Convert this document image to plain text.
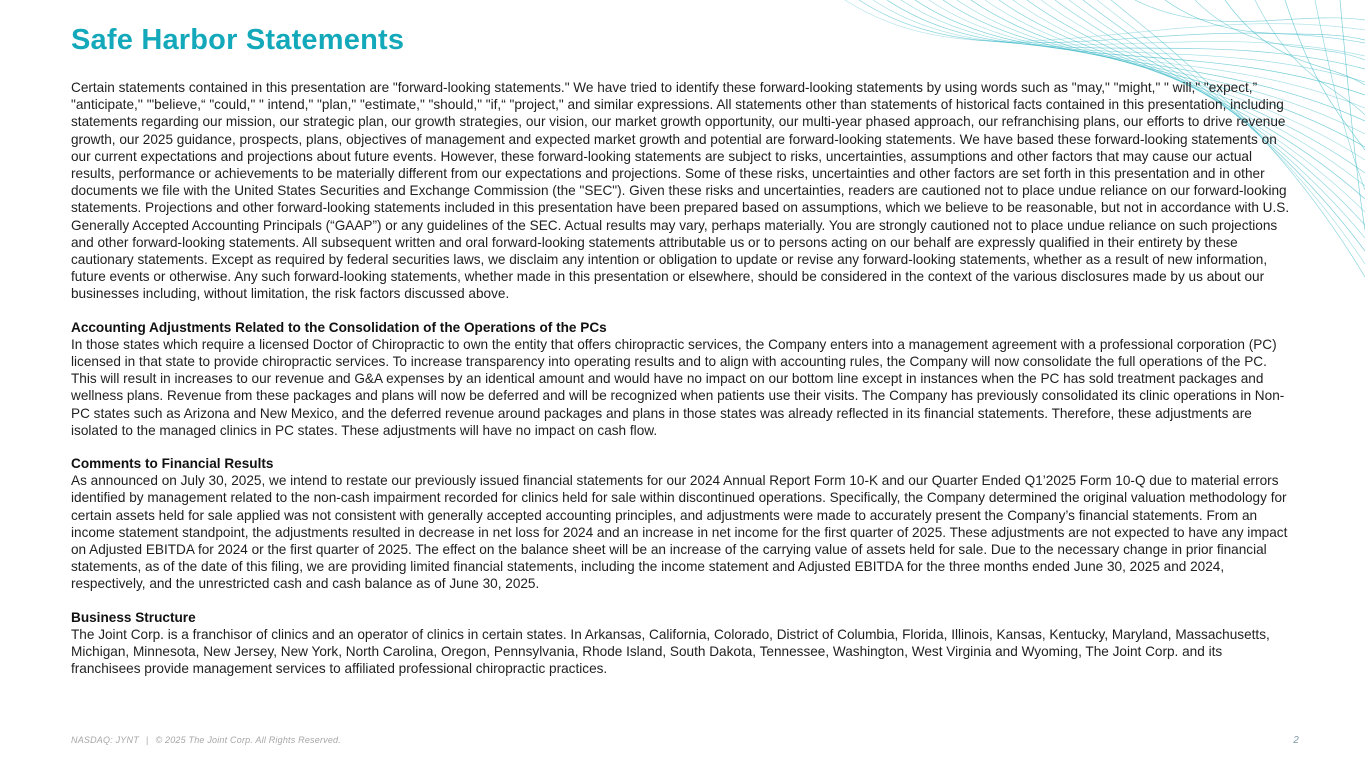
Safe Harbor Statements

Certain statements contained in this presentation are "forward-looking statements." We have tried to identify these forward-looking statements by using words such as "may," "might," " will," "expect,” "anticipate,'' "'believe,“ "could," " intend," "plan," "estimate," "should," "if,“ "project," and similar expressions. All statements other than statements of historical facts contained in this presentation, including statements regarding our mission, our strategic plan, our growth strategies, our vision, our market growth opportunity, our multi-year phased approach, our refranchising plans, our efforts to drive revenue growth, our 2025 guidance, prospects, plans, objectives of management and expected market growth and potential are forward-looking statements. We have based these forward-looking statements on our current expectations and projections about future events. However, these forward-looking statements are subject to risks, uncertainties, assumptions and other factors that may cause our actual results, performance or achievements to be materially different from our expectations and projections. Some of these risks, uncertainties and other factors are set forth in this presentation and in other documents we file with the United States Securities and Exchange Commission (the "SEC"). Given these risks and uncertainties, readers are cautioned not to place undue reliance on our forward-looking statements. Projections and other forward-looking statements included in this presentation have been prepared based on assumptions, which we believe to be reasonable, but not in accordance with U.S. Generally Accepted Accounting Principals (“GAAP”) or any guidelines of the SEC. Actual results may vary, perhaps materially. You are strongly cautioned not to place undue reliance on such projections and other forward-looking statements. All subsequent written and oral forward-looking statements attributable us or to persons acting on our behalf are expressly qualified in their entirety by these cautionary statements. Except as required by federal securities laws, we disclaim any intention or obligation to update or revise any forward-looking statements, whether as a result of new information, future events or otherwise. Any such forward-looking statements, whether made in this presentation or elsewhere, should be considered in the context of the various disclosures made by us about our businesses including, without limitation, the risk factors discussed above.

Accounting Adjustments Related to the Consolidation of the Operations of the PCs

In those states which require a licensed Doctor of Chiropractic to own the entity that offers chiropractic services, the Company enters into a management agreement with a professional corporation (PC) licensed in that state to provide chiropractic services. To increase transparency into operating results and to align with accounting rules, the Company will now consolidate the full operations of the PC.  This will result in increases to our revenue and G&A expenses by an identical amount and would have no impact on our bottom line except in instances when the PC has sold treatment packages and wellness plans. Revenue from these packages and plans will now be deferred and will be recognized when patients use their visits. The Company has previously consolidated its clinic operations in Non-PC states such as Arizona and New Mexico, and the deferred revenue around packages and plans in those states was already reflected in its financial statements. Therefore, these adjustments are isolated to the managed clinics in PC states. These adjustments will have no impact on cash flow.

Comments to Financial Results

As announced on July 30, 2025, we intend to restate our previously issued financial statements for our 2024 Annual Report Form 10-K and our Quarter Ended Q1’2025 Form 10-Q due to material errors identified by management related to the non-cash impairment recorded for clinics held for sale within discontinued operations. Specifically, the Company determined the original valuation methodology for certain assets held for sale applied was not consistent with generally accepted accounting principles, and adjustments were made to accurately present the Company’s financial statements. From an income statement standpoint, the adjustments resulted in decrease in net loss for 2024 and an increase in net income for the first quarter of 2025. These adjustments are not expected to have any impact on Adjusted EBITDA for 2024 or the first quarter of 2025. The effect on the balance sheet will be an increase of the carrying value of assets held for sale. Due to the necessary change in prior financial statements, as of the date of this filing, we are providing limited financial statements, including the income statement and Adjusted EBITDA for the three months ended June 30, 2025 and 2024, respectively, and the unrestricted cash and cash balance as of June 30, 2025.

Business Structure

The Joint Corp. is a franchisor of clinics and an operator of clinics in certain states. In Arkansas, California, Colorado, District of Columbia, Florida, Illinois, Kansas, Kentucky, Maryland, Massachusetts, Michigan, Minnesota, New Jersey, New York, North Carolina, Oregon, Pennsylvania, Rhode Island, South Dakota, Tennessee, Washington, West Virginia and Wyoming, The Joint Corp. and its franchisees provide management services to affiliated professional chiropractic practices.

NASDAQ: JYNT | © 2025 The Joint Corp. All Rights Reserved.	2
